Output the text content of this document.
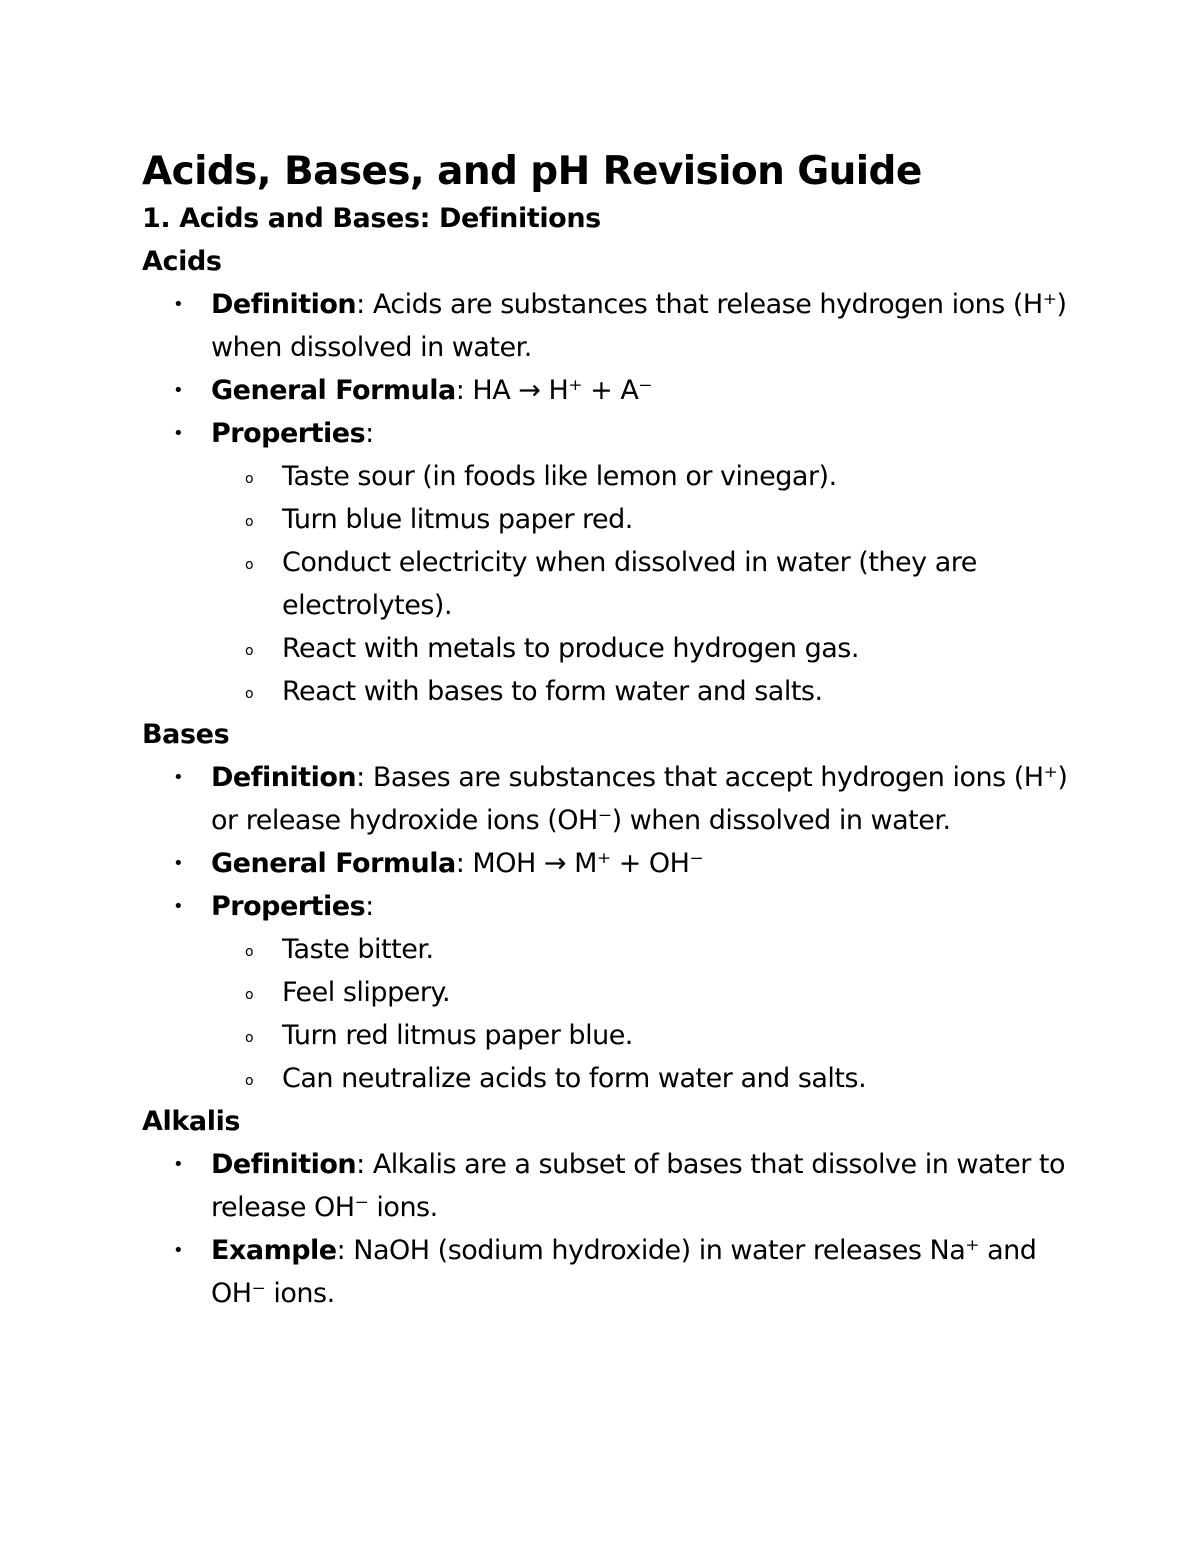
Acids, Bases, and pH Revision Guide
1. Acids and Bases: Definitions
Acids
• Definition: Acids are substances that release hydrogen ions (H⁺) when dissolved in water.
• General Formula: HA → H⁺ + A⁻
• Properties:
o Taste sour (in foods like lemon or vinegar).
o Turn blue litmus paper red.
o Conduct electricity when dissolved in water (they are electrolytes).
o React with metals to produce hydrogen gas.
o React with bases to form water and salts.
Bases
• Definition: Bases are substances that accept hydrogen ions (H⁺) or release hydroxide ions (OH⁻) when dissolved in water.
• General Formula: MOH → M⁺ + OH⁻
• Properties:
o Taste bitter.
o Feel slippery.
o Turn red litmus paper blue.
o Can neutralize acids to form water and salts.
Alkalis
• Definition: Alkalis are a subset of bases that dissolve in water to release OH⁻ ions.
• Example: NaOH (sodium hydroxide) in water releases Na⁺ and OH⁻ ions.
